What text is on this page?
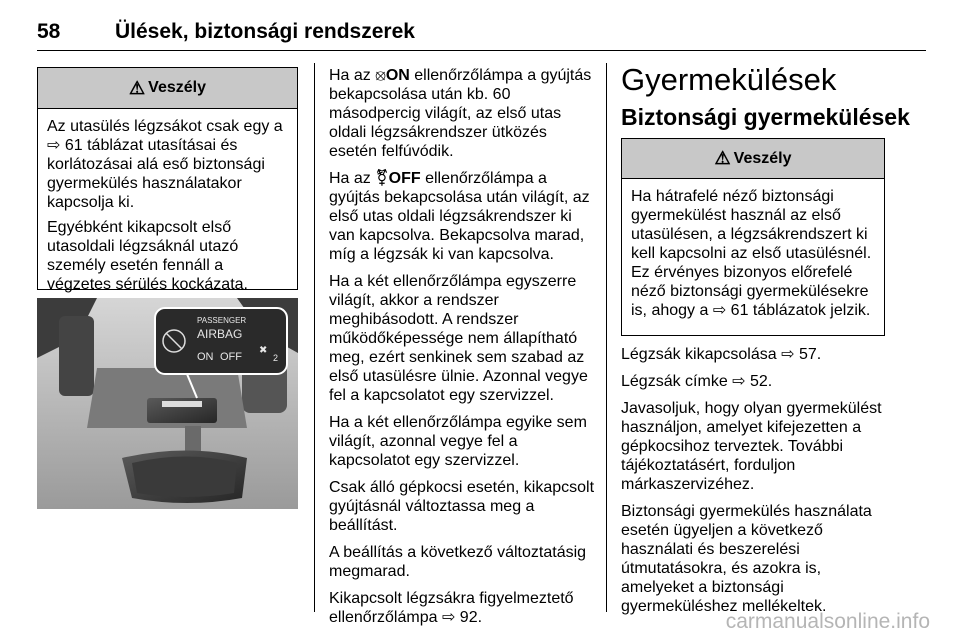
58	Ülések, biztonsági rendszerek
⚠ Veszély

Az utasülés légzsákot csak egy a ⇨ 61 táblázat utasításai és korlátozásai alá eső biztonsági gyermekülés használatakor kapcsolja ki.

Egyébként kikapcsolt első utasoldali légzsáknál utazó személy esetén fennáll a végzetes sérülés kockázata.

PASSENGER
AIRBAG
ON OFF
✖︎
2

Ha az ⦻ON ellenőrzőlámpa a gyújtás bekapcsolása után kb. 60 másodpercig világít, az első utas oldali légzsákrendszer ütközés esetén felfúvódik.

Ha az ⚧OFF ellenőrzőlámpa a gyújtás bekapcsolása után világít, az első utas oldali légzsákrendszer ki van kapcsolva. Bekapcsolva marad, míg a légzsák ki van kapcsolva.

Ha a két ellenőrzőlámpa egyszerre világít, akkor a rendszer meghibásodott. A rendszer működőképessége nem állapítható meg, ezért senkinek sem szabad az első utasülésre ülnie. Azonnal vegye fel a kapcsolatot egy szervizzel.

Ha a két ellenőrzőlámpa egyike sem világít, azonnal vegye fel a kapcsolatot egy szervizzel.

Csak álló gépkocsi esetén, kikapcsolt gyújtásnál változtassa meg a beállítást.

A beállítás a következő változtatásig megmarad.

Kikapcsolt légzsákra figyelmeztető ellenőrzőlámpa ⇨ 92.

Gyermekülések
Biztonsági gyermekülések
⚠ Veszély

Ha hátrafelé néző biztonsági gyermekülést használ az első utasülésen, a légzsákrendszert ki kell kapcsolni az első utasülésnél. Ez érvényes bizonyos előrefelé néző biztonsági gyermekülésekre is, ahogy a ⇨ 61 táblázatok jelzik.

Légzsák kikapcsolása ⇨ 57.

Légzsák címke ⇨ 52.

Javasoljuk, hogy olyan gyermekülést használjon, amelyet kifejezetten a gépkocsihoz terveztek. További tájékoztatásért, forduljon márkaszervizéhez.

Biztonsági gyermekülés használata esetén ügyeljen a következő használati és beszerelési útmutatásokra, és azokra is, amelyeket a biztonsági gyermeküléshez mellékeltek.

carmanualsonline.info
